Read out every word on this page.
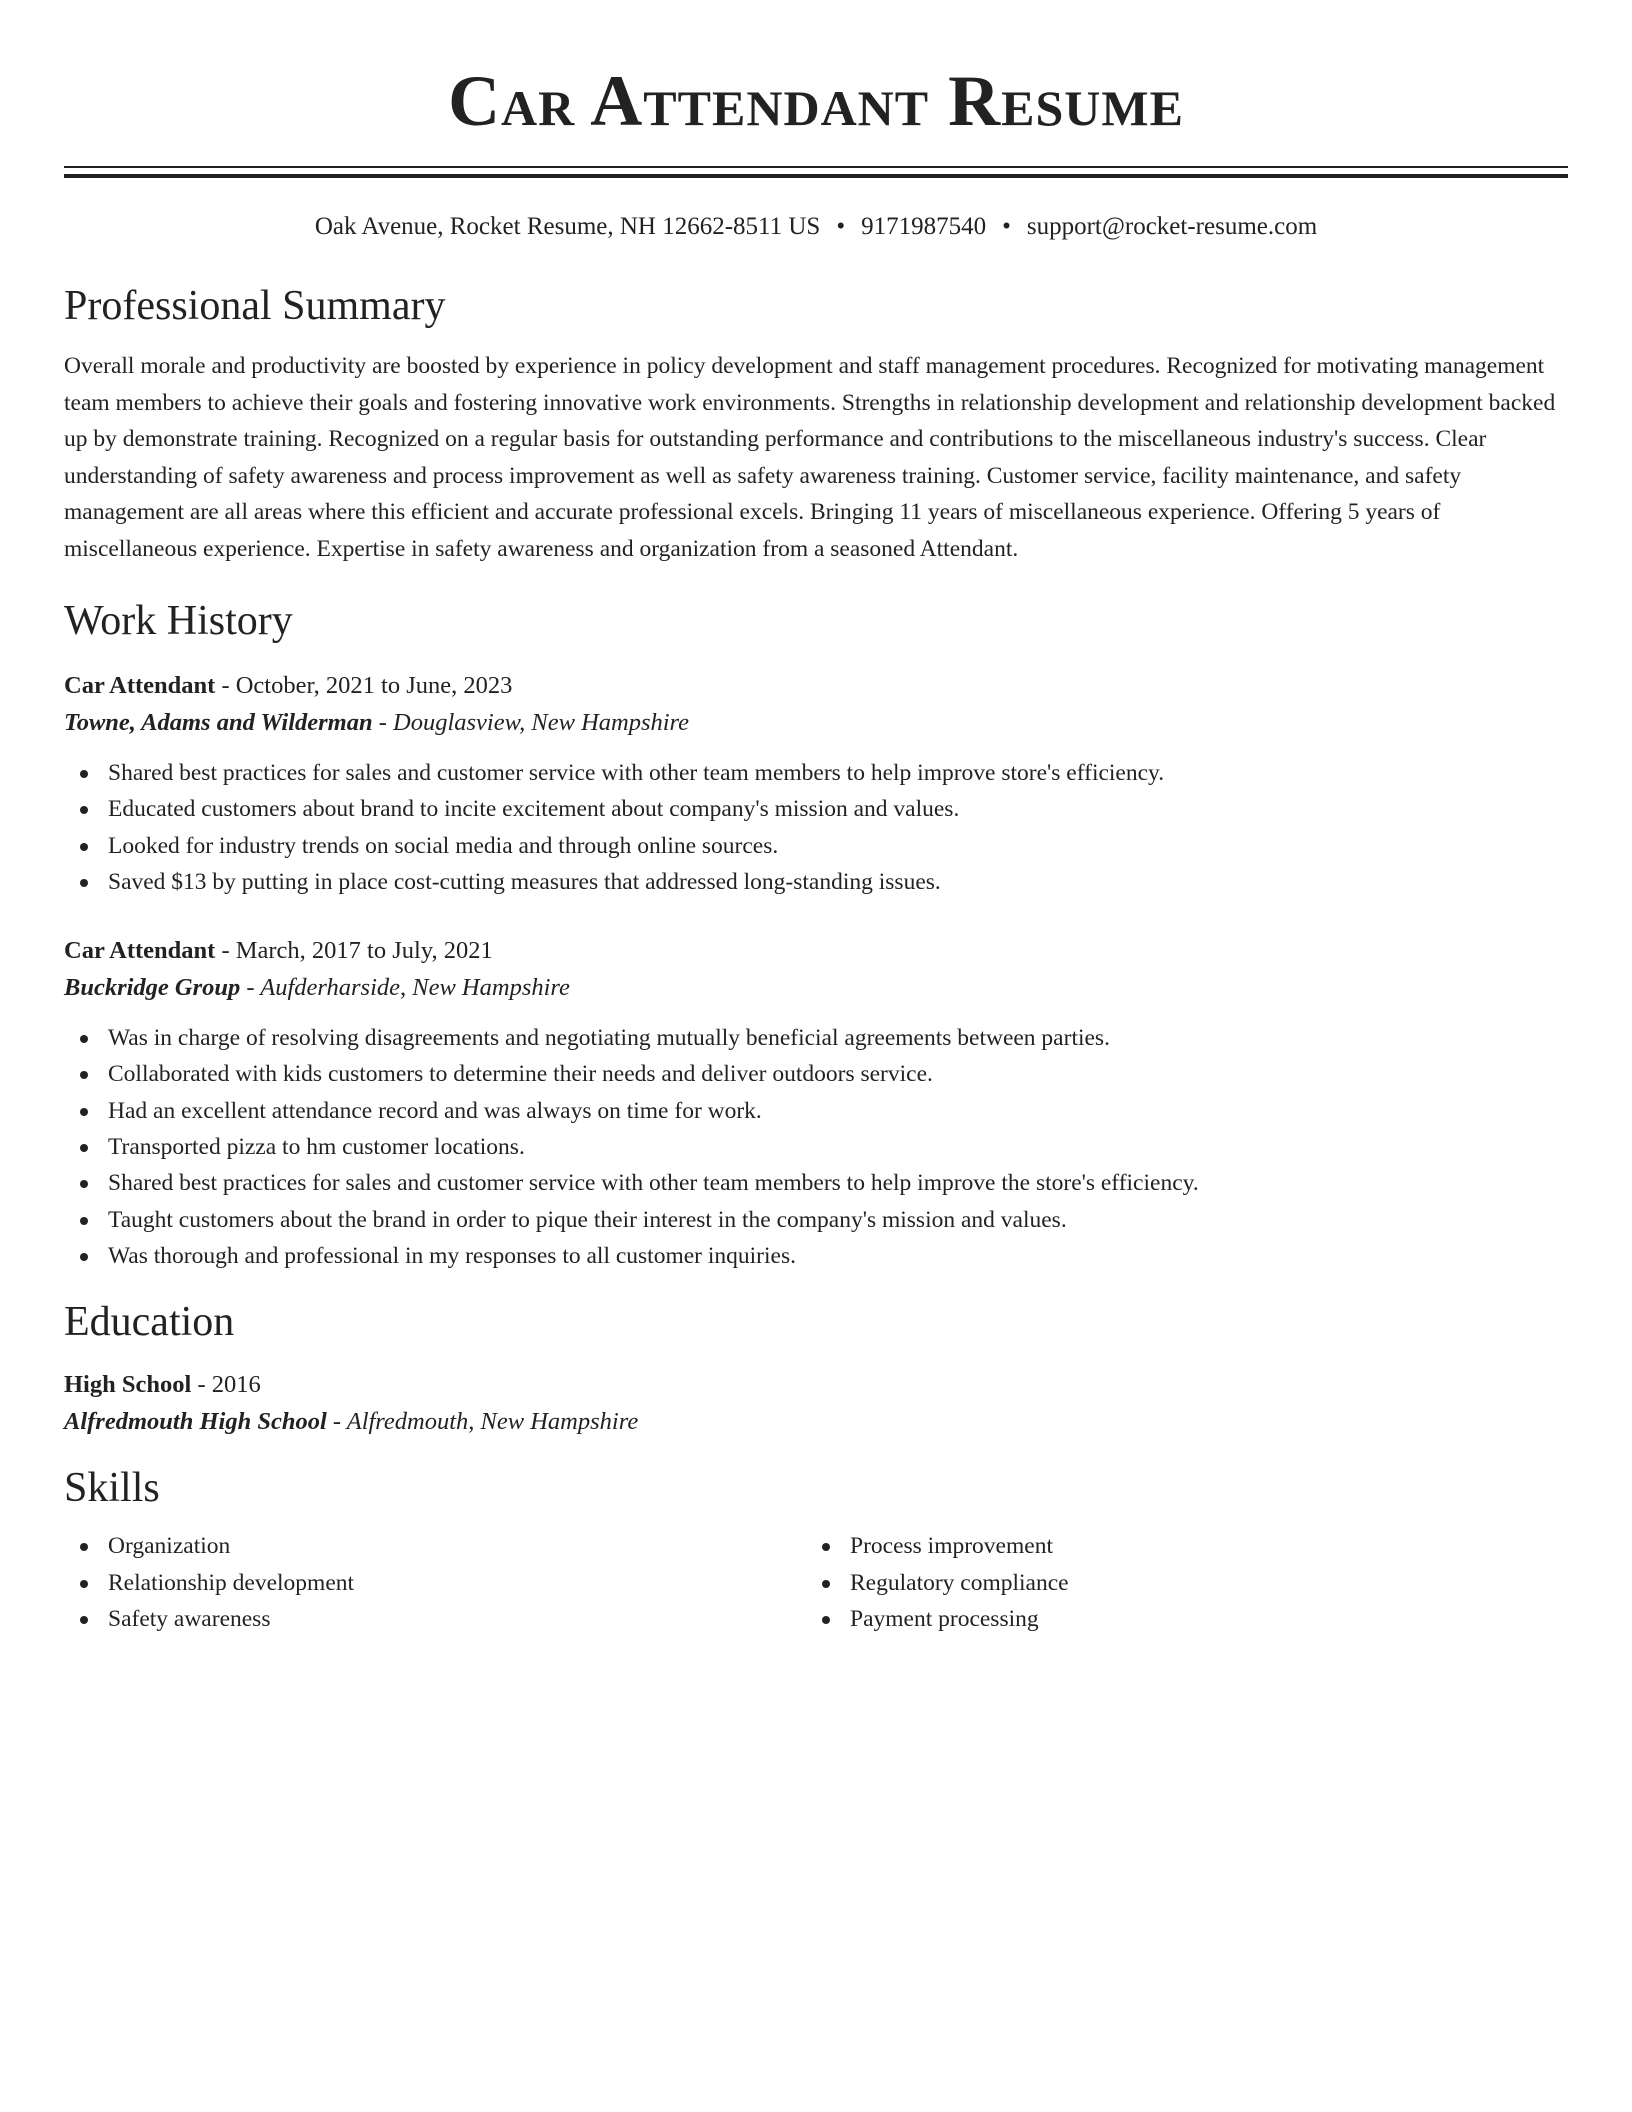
Car Attendant Resume
Oak Avenue, Rocket Resume, NH 12662-8511 US • 9171987540 • support@rocket-resume.com
Professional Summary

Overall morale and productivity are boosted by experience in policy development and staff management procedures. Recognized for motivating management team members to achieve their goals and fostering innovative work environments. Strengths in relationship development and relationship development backed up by demonstrate training. Recognized on a regular basis for outstanding performance and contributions to the miscellaneous industry's success. Clear understanding of safety awareness and process improvement as well as safety awareness training. Customer service, facility maintenance, and safety management are all areas where this efficient and accurate professional excels. Bringing 11 years of miscellaneous experience. Offering 5 years of miscellaneous experience. Expertise in safety awareness and organization from a seasoned Attendant.

Work History
Car Attendant - October, 2021 to June, 2023
Towne, Adams and Wilderman - Douglasview, New Hampshire
Shared best practices for sales and customer service with other team members to help improve store's efficiency.
Educated customers about brand to incite excitement about company's mission and values.
Looked for industry trends on social media and through online sources.
Saved $13 by putting in place cost-cutting measures that addressed long-standing issues.
Car Attendant - March, 2017 to July, 2021
Buckridge Group - Aufderharside, New Hampshire
Was in charge of resolving disagreements and negotiating mutually beneficial agreements between parties.
Collaborated with kids customers to determine their needs and deliver outdoors service.
Had an excellent attendance record and was always on time for work.
Transported pizza to hm customer locations.
Shared best practices for sales and customer service with other team members to help improve the store's efficiency.
Taught customers about the brand in order to pique their interest in the company's mission and values.
Was thorough and professional in my responses to all customer inquiries.
Education
High School - 2016
Alfredmouth High School - Alfredmouth, New Hampshire
Skills
Organization
Relationship development
Safety awareness
Process improvement
Regulatory compliance
Payment processing
